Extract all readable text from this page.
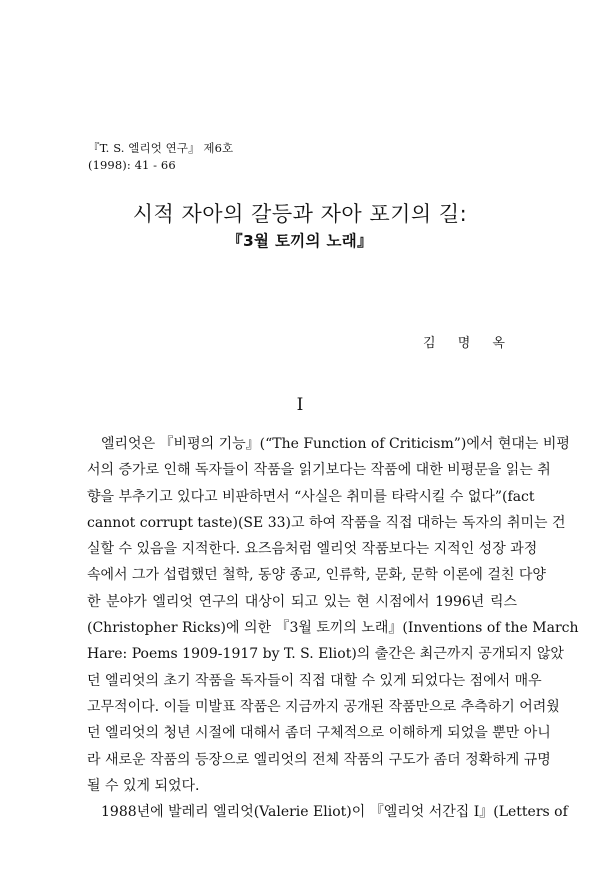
『T. S. 엘리엇 연구』 제6호
(1998): 41 - 66
시적 자아의 갈등과 자아 포기의 길:
『3월 토끼의 노래』
김 명 옥
I
엘리엇은 『비평의 기능』(“The Function of Criticism”)에서 현대는 비평
서의 증가로 인해 독자들이 작품을 읽기보다는 작품에 대한 비평문을 읽는 취
향을 부추기고 있다고 비판하면서 “사실은 취미를 타락시킬 수 없다”(fact
cannot corrupt taste)(SE 33)고 하여 작품을 직접 대하는 독자의 취미는 건
실할 수 있음을 지적한다. 요즈음처럼 엘리엇 작품보다는 지적인 성장 과정
속에서 그가 섭렵했던 철학, 동양 종교, 인류학, 문화, 문학 이론에 걸친 다양
한 분야가 엘리엇 연구의 대상이 되고 있는 현 시점에서 1996년 릭스
(Christopher Ricks)에 의한 『3월 토끼의 노래』(Inventions of the March
Hare: Poems 1909-1917 by T. S. Eliot)의 출간은 최근까지 공개되지 않았
던 엘리엇의 초기 작품을 독자들이 직접 대할 수 있게 되었다는 점에서 매우
고무적이다. 이들 미발표 작품은 지금까지 공개된 작품만으로 추측하기 어려웠
던 엘리엇의 청년 시절에 대해서 좀더 구체적으로 이해하게 되었을 뿐만 아니
라 새로운 작품의 등장으로 엘리엇의 전체 작품의 구도가 좀더 정확하게 규명
될 수 있게 되었다.
1988년에 발레리 엘리엇(Valerie Eliot)이 『엘리엇 서간집 I』(Letters of
